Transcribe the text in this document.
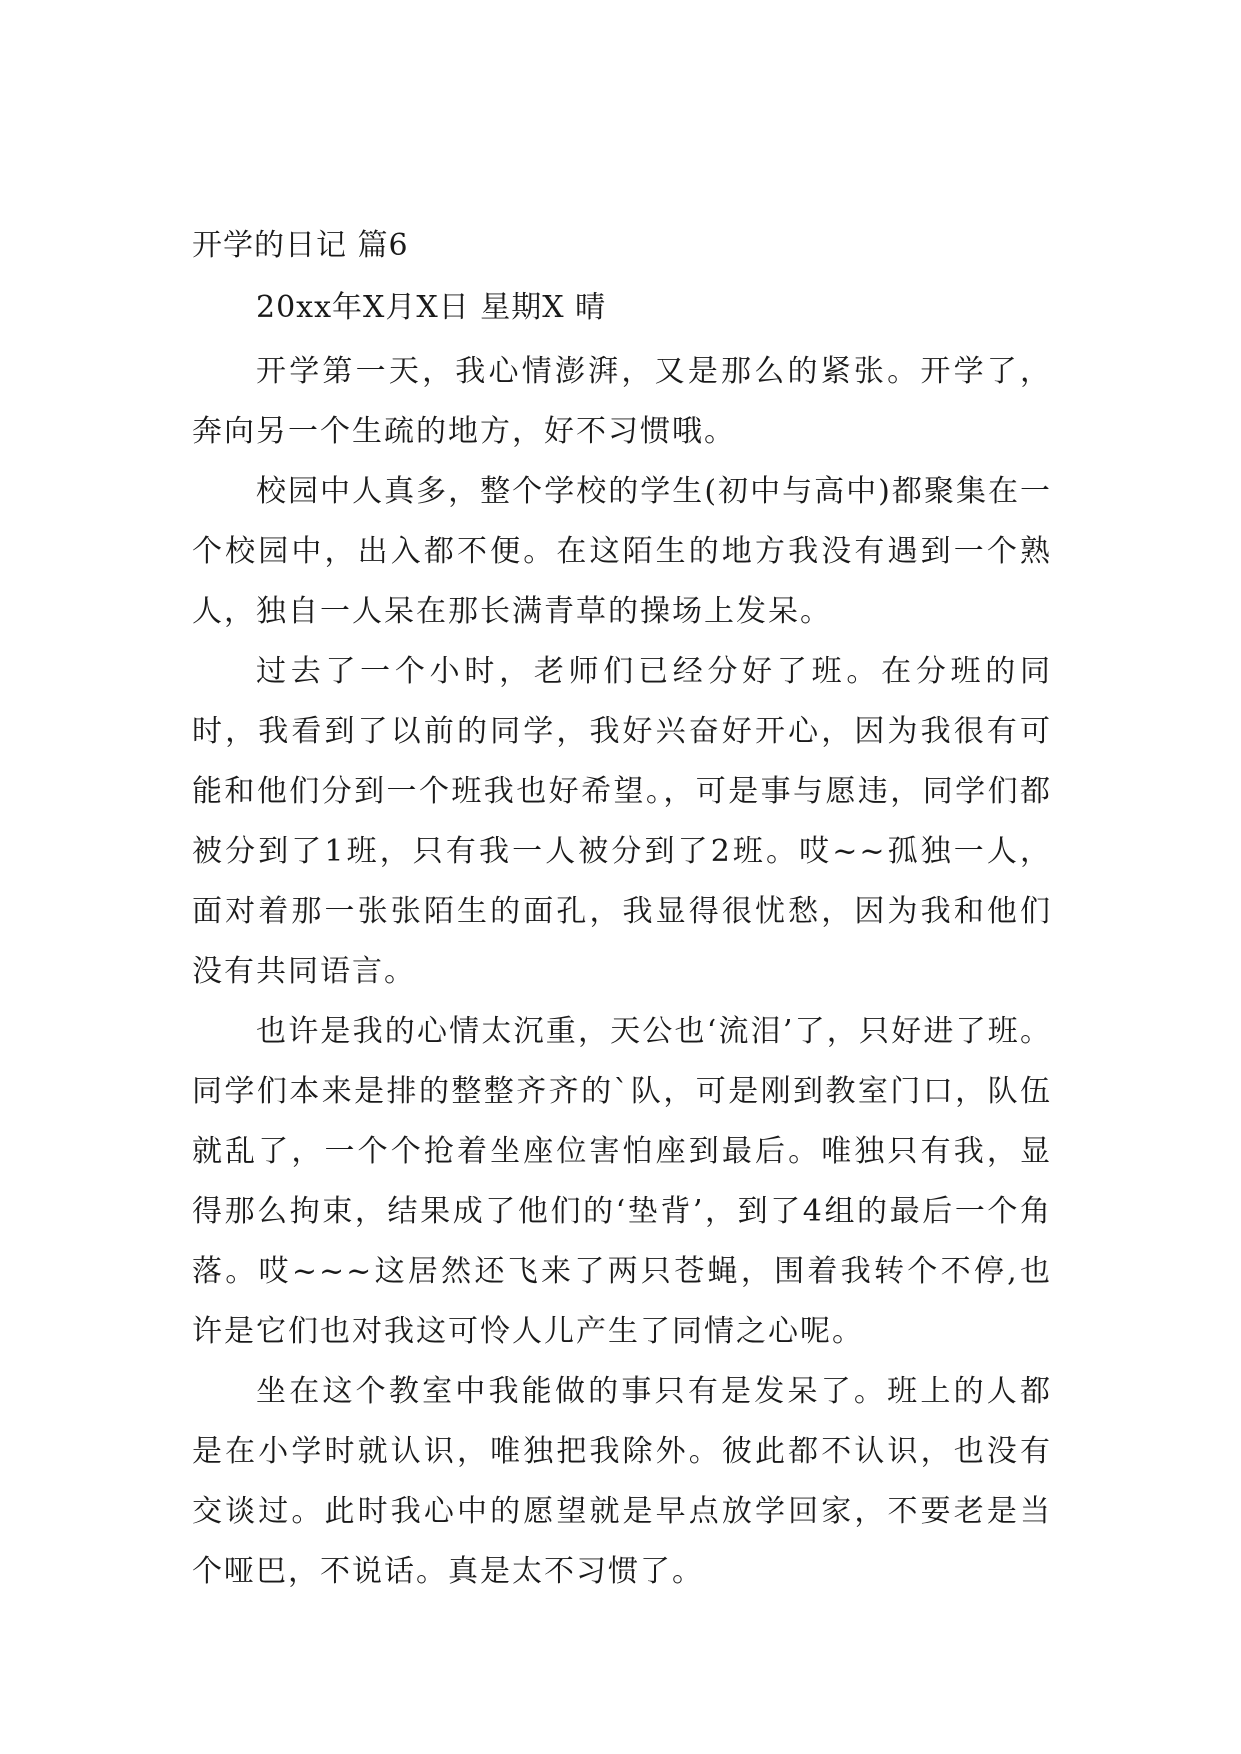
开学的日记 篇6
20xx年X月X日 星期X 晴

开学第一天，我心情澎湃，又是那么的紧张。开学了，奔向另一个生疏的地方，好不习惯哦。

校园中人真多，整个学校的学生(初中与高中)都聚集在一个校园中，出入都不便。在这陌生的地方我没有遇到一个熟人，独自一人呆在那长满青草的操场上发呆。

过去了一个小时，老师们已经分好了班。在分班的同时，我看到了以前的同学，我好兴奋好开心，因为我很有可能和他们分到一个班我也好希望。，可是事与愿违，同学们都被分到了1班，只有我一人被分到了2班。哎~~孤独一人，面对着那一张张陌生的面孔，我显得很忧愁，因为我和他们没有共同语言。

也许是我的心情太沉重，天公也‘流泪’了，只好进了班。同学们本来是排的整整齐齐的`队，可是刚到教室门口，队伍就乱了，一个个抢着坐座位害怕座到最后。唯独只有我，显得那么拘束，结果成了他们的‘垫背’，到了4组的最后一个角落。哎~~~这居然还飞来了两只苍蝇，围着我转个不停,也许是它们也对我这可怜人儿产生了同情之心呢。

坐在这个教室中我能做的事只有是发呆了。班上的人都是在小学时就认识，唯独把我除外。彼此都不认识，也没有交谈过。此时我心中的愿望就是早点放学回家，不要老是当个哑巴，不说话。真是太不习惯了。
